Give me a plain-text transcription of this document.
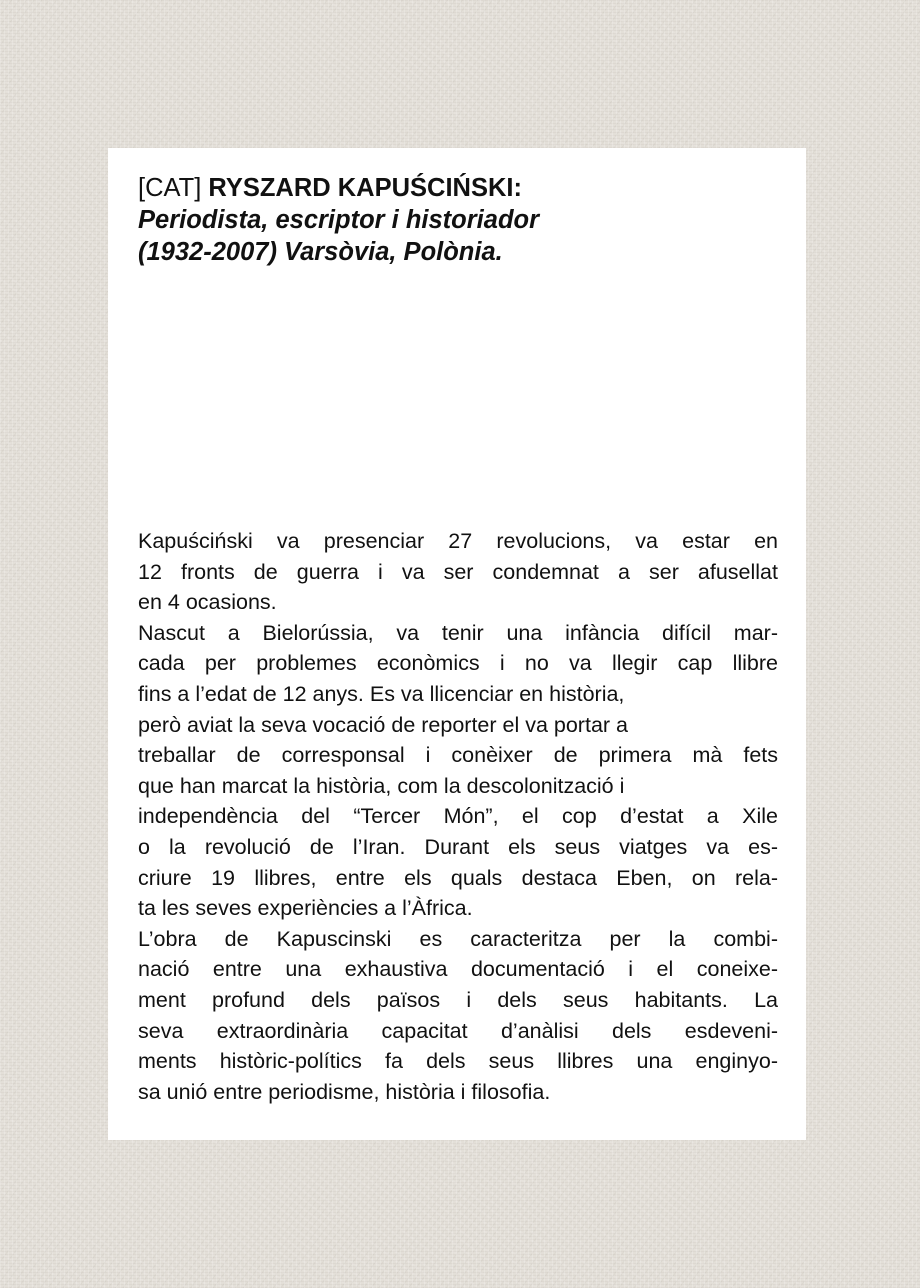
[CAT] RYSZARD KAPUŚCIŃSKI:
Periodista, escriptor i historiador
(1932-2007) Varsòvia, Polònia.
Kapuściński va presenciar 27 revolucions, va estar en
12 fronts de guerra i va ser condemnat a ser afusellat
en 4 ocasions.
Nascut a Bielorússia, va tenir una infància difícil mar-
cada per problemes econòmics i no va llegir cap llibre
fins a l’edat de 12 anys. Es va llicenciar en història,
però aviat la seva vocació de reporter el va portar a
treballar de corresponsal i conèixer de primera mà fets
que han marcat la història, com la descolonització i
independència del “Tercer Món”, el cop d’estat a Xile
o la revolució de l’Iran. Durant els seus viatges va es-
criure 19 llibres, entre els quals destaca Eben, on rela-
ta les seves experiències a l’Àfrica.
L’obra de Kapuscinski es caracteritza per la combi-
nació entre una exhaustiva documentació i el coneixe-
ment profund dels països i dels seus habitants. La
seva extraordinària capacitat d’anàlisi dels esdeveni-
ments històric-polítics fa dels seus llibres una enginyo-
sa unió entre periodisme, història i filosofia.
